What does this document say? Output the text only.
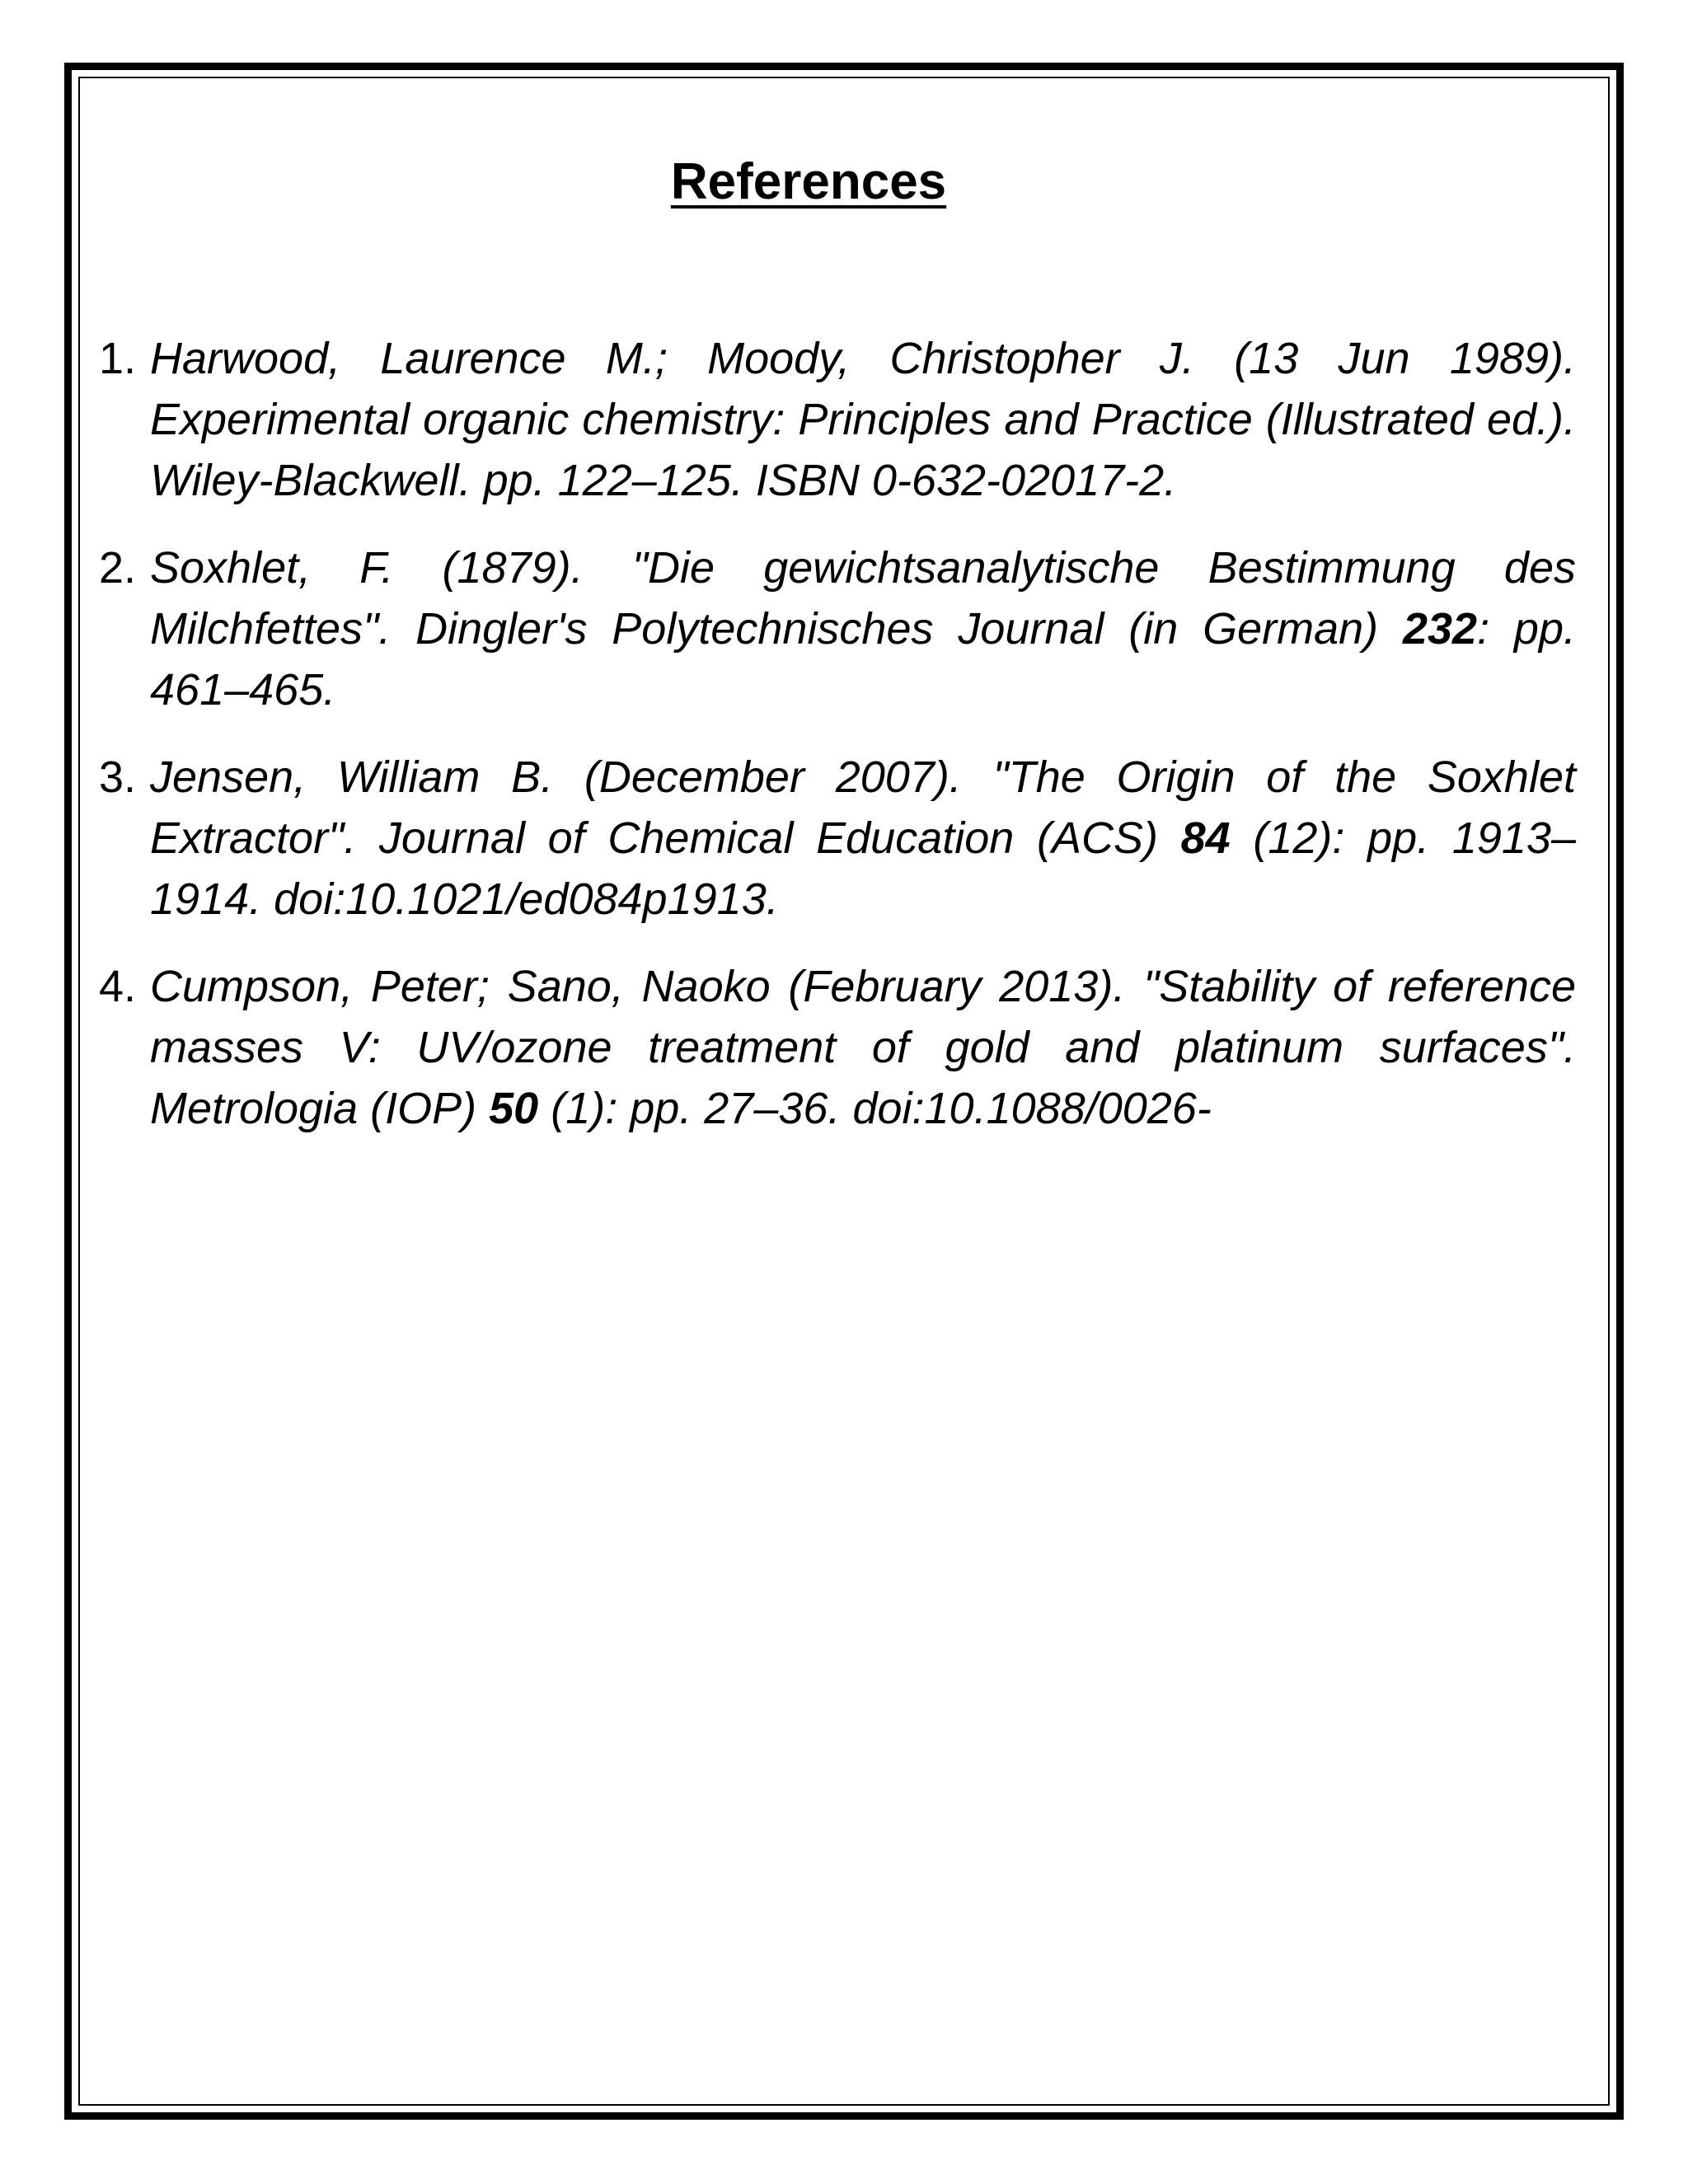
References
1. Harwood, Laurence M.; Moody, Christopher J. (13 Jun 1989). Experimental organic chemistry: Principles and Practice (Illustrated ed.). Wiley-Blackwell. pp. 122–125. ISBN 0-632-02017-2.
2. Soxhlet, F. (1879). "Die gewichtsanalytische Bestimmung des Milchfettes". Dingler's Polytechnisches Journal (in German) 232: pp. 461–465.
3. Jensen, William B. (December 2007). "The Origin of the Soxhlet Extractor". Journal of Chemical Education (ACS) 84 (12): pp. 1913–1914. doi:10.1021/ed084p1913.
4. Cumpson, Peter; Sano, Naoko (February 2013). "Stability of reference masses V: UV/ozone treatment of gold and platinum surfaces". Metrologia (IOP) 50 (1): pp. 27–36. doi:10.1088/0026-
